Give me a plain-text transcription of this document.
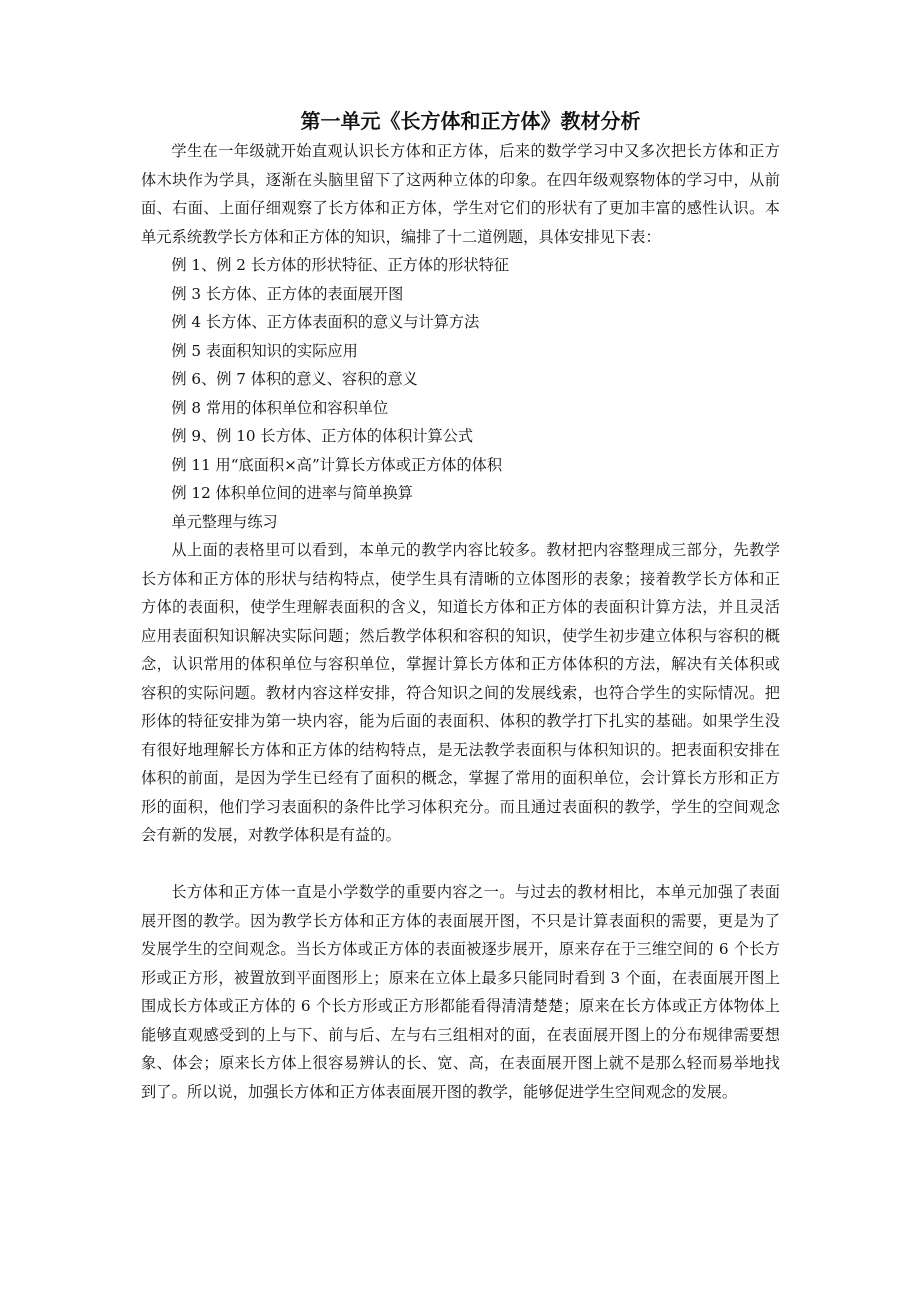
第一单元《长方体和正方体》教材分析

学生在一年级就开始直观认识长方体和正方体，后来的数学学习中又多次把长方体和正方体木块作为学具，逐渐在头脑里留下了这两种立体的印象。在四年级观察物体的学习中，从前面、右面、上面仔细观察了长方体和正方体，学生对它们的形状有了更加丰富的感性认识。本单元系统教学长方体和正方体的知识，编排了十二道例题，具体安排见下表：

例 1、例 2 长方体的形状特征、正方体的形状特征
例 3 长方体、正方体的表面展开图
例 4 长方体、正方体表面积的意义与计算方法
例 5 表面积知识的实际应用
例 6、例 7 体积的意义、容积的意义
例 8 常用的体积单位和容积单位
例 9、例 10 长方体、正方体的体积计算公式
例 11 用“底面积×高”计算长方体或正方体的体积
例 12 体积单位间的进率与简单换算
单元整理与练习

从上面的表格里可以看到，本单元的教学内容比较多。教材把内容整理成三部分，先教学长方体和正方体的形状与结构特点，使学生具有清晰的立体图形的表象；接着教学长方体和正方体的表面积，使学生理解表面积的含义，知道长方体和正方体的表面积计算方法，并且灵活应用表面积知识解决实际问题；然后教学体积和容积的知识，使学生初步建立体积与容积的概念，认识常用的体积单位与容积单位，掌握计算长方体和正方体体积的方法，解决有关体积或容积的实际问题。教材内容这样安排，符合知识之间的发展线索，也符合学生的实际情况。把形体的特征安排为第一块内容，能为后面的表面积、体积的教学打下扎实的基础。如果学生没有很好地理解长方体和正方体的结构特点，是无法教学表面积与体积知识的。把表面积安排在体积的前面，是因为学生已经有了面积的概念，掌握了常用的面积单位，会计算长方形和正方形的面积，他们学习表面积的条件比学习体积充分。而且通过表面积的教学，学生的空间观念会有新的发展，对教学体积是有益的。

长方体和正方体一直是小学数学的重要内容之一。与过去的教材相比，本单元加强了表面展开图的教学。因为教学长方体和正方体的表面展开图，不只是计算表面积的需要，更是为了发展学生的空间观念。当长方体或正方体的表面被逐步展开，原来存在于三维空间的 6 个长方形或正方形，被置放到平面图形上；原来在立体上最多只能同时看到 3 个面，在表面展开图上围成长方体或正方体的 6 个长方形或正方形都能看得清清楚楚；原来在长方体或正方体物体上能够直观感受到的上与下、前与后、左与右三组相对的面，在表面展开图上的分布规律需要想象、体会；原来长方体上很容易辨认的长、宽、高，在表面展开图上就不是那么轻而易举地找到了。所以说，加强长方体和正方体表面展开图的教学，能够促进学生空间观念的发展。
